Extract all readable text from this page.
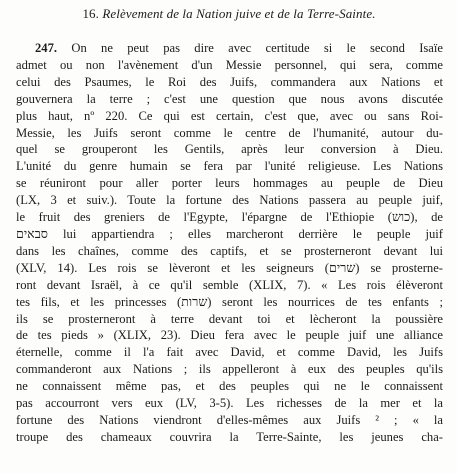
16. Relèvement de la Nation juive et de la Terre-Sainte.
247. On ne peut pas dire avec certitude si le second Isaïe
admet ou non l'avènement d'un Messie personnel, qui sera, comme
celui des Psaumes, le Roi des Juifs, commandera aux Nations et
gouvernera la terre ; c'est une question que nous avons discutée
plus haut, nº 220. Ce qui est certain, c'est que, avec ou sans Roi-
Messie, les Juifs seront comme le centre de l'humanité, autour du-
quel se grouperont les Gentils, après leur conversion à Dieu.
L'unité du genre humain se fera par l'unité religieuse. Les Nations
se réuniront pour aller porter leurs hommages au peuple de Dieu
(LX, 3 et suiv.). Toute la fortune des Nations passera au peuple juif,
le fruit des greniers de l'Egypte, l'épargne de l'Ethiopie (כוש), de
סבאים lui appartiendra ; elles marcheront derrière le peuple juif
dans les chaînes, comme des captifs, et se prosterneront devant lui
(XLV, 14). Les rois se lèveront et les seigneurs (שרים) se prosterne-
ront devant Israël, à ce qu'il semble (XLIX, 7). « Les rois élèveront
tes fils, et les princesses (שרות) seront les nourrices de tes enfants ;
ils se prosterneront à terre devant toi et lècheront la poussière
de tes pieds » (XLIX, 23). Dieu fera avec le peuple juif une alliance
éternelle, comme il l'a fait avec David, et comme David, les Juifs
commanderont aux Nations ; ils appelleront à eux des peuples qu'ils
ne connaissent même pas, et des peuples qui ne le connaissent
pas accourront vers eux (LV, 3-5). Les richesses de la mer et la
fortune des Nations viendront d'elles-mêmes aux Juifs ² ; « la
troupe des chameaux couvrira la Terre-Sainte, les jeunes cha-
